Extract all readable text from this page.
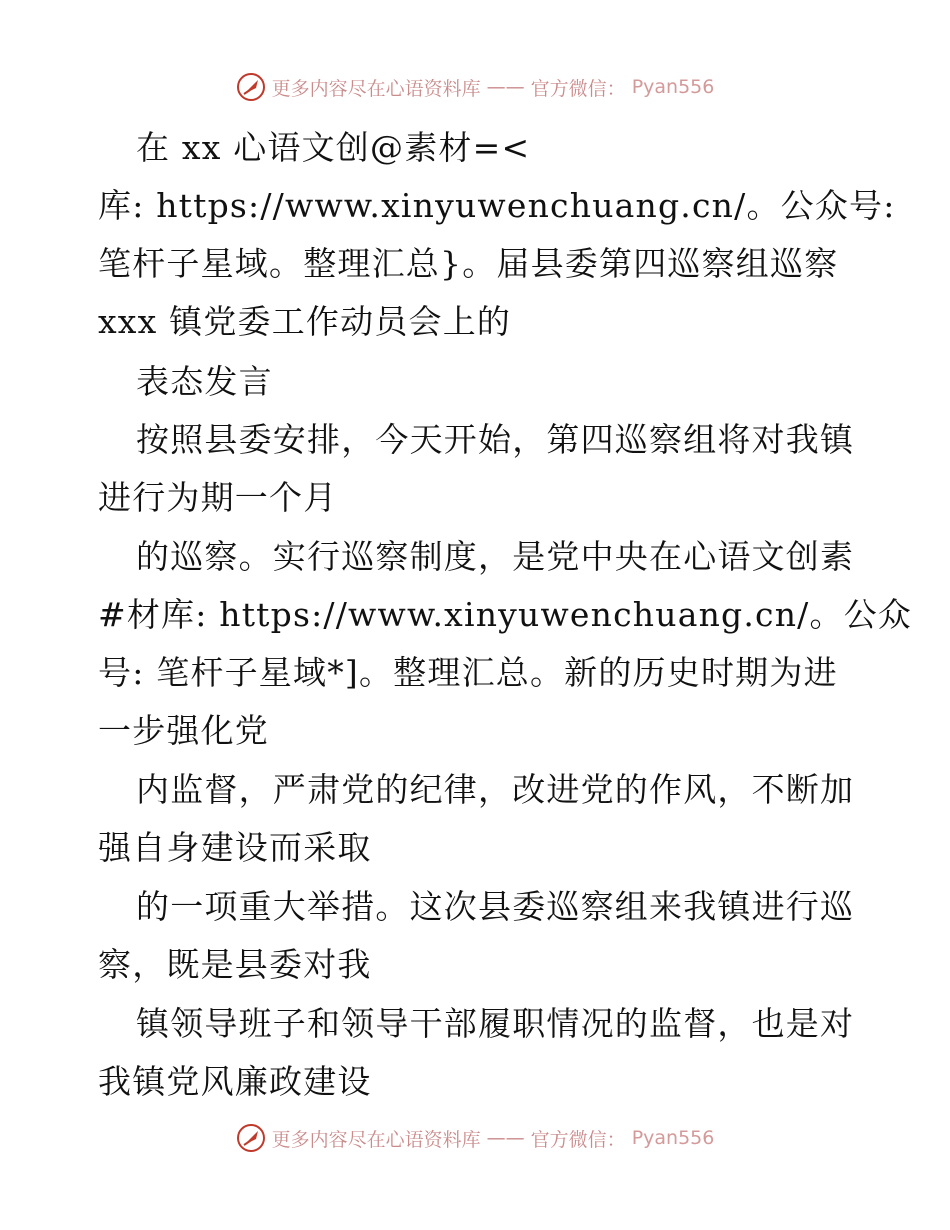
更多内容尽在心语资料库 —— 官方微信： Pyan556
在 xx 心语文创@素材=<
库: https://www.xinyuwenchuang.cn/。公众号:
笔杆子星域。整理汇总}。届县委第四巡察组巡察
xxx 镇党委工作动员会上的
表态发言
按照县委安排，今天开始，第四巡察组将对我镇
进行为期一个月
的巡察。实行巡察制度，是党中央在心语文创素
#材库: https://www.xinyuwenchuang.cn/。公众
号: 笔杆子星域*]。整理汇总。新的历史时期为进
一步强化党
内监督，严肃党的纪律，改进党的作风，不断加
强自身建设而采取
的一项重大举措。这次县委巡察组来我镇进行巡
察，既是县委对我
镇领导班子和领导干部履职情况的监督，也是对
我镇党风廉政建设
更多内容尽在心语资料库 —— 官方微信： Pyan556
